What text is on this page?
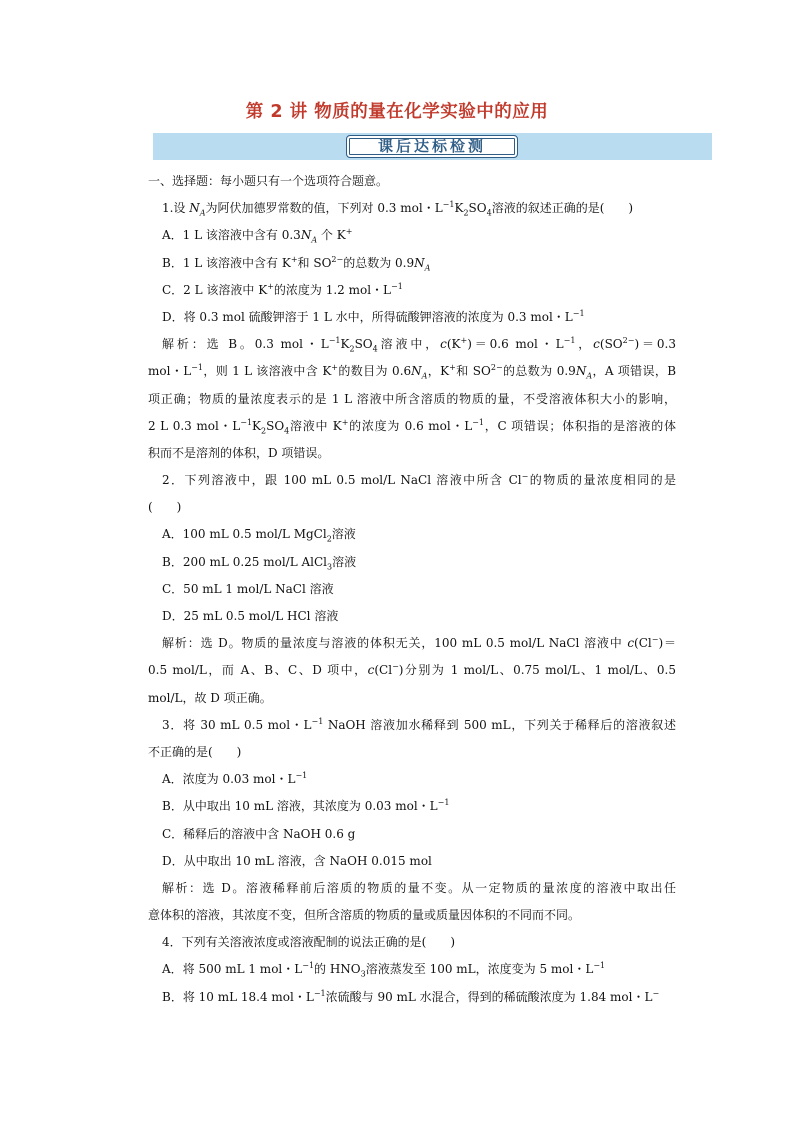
第 2 讲 物质的量在化学实验中的应用
课后达标检测
一、选择题：每小题只有一个选项符合题意。
1.设 $N_A$为阿伏加德罗常数的值，下列对 0.3 mol・$L^{-1}K_2SO_4$溶液的叙述正确的是(　　)
A．1 L 该溶液中含有 $0.3N_A$ 个 K+
B．1 L 该溶液中含有 K+和 $SO^{2-}$的总数为 $0.9N_A$
C．2 L 该溶液中 K+的浓度为 1.2 mol・$L^{-1}$
D．将 0.3 mol 硫酸钾溶于 1 L 水中，所得硫酸钾溶液的浓度为 0.3 mol・$L^{-1}$
解析：选 B。0.3 mol・$L^{-1}K_2SO_4$溶液中，c(K+)＝0.6 mol・$L^{-1}$，$c(SO^{2-})=0.3$
mol・$L^{-1}$，则 1 L 该溶液中含 K+的数目为 $0.6N_A$，K+和 $SO^{2-}$的总数为 $0.9N_A$，A 项错误，B
项正确；物质的量浓度表示的是 1 L 溶液中所含溶质的物质的量，不受溶液体积大小的影响，
2 L 0.3 mol・$L^{-1}K_2SO_4$溶液中 K+的浓度为 0.6 mol・$L^{-1}$，C 项错误；体积指的是溶液的体
积而不是溶剂的体积，D 项错误。
2．下列溶液中，跟 100 mL 0.5 mol/L NaCl 溶液中所含 Cl−的物质的量浓度相同的是
(　　)
A．100 mL 0.5 mol/L MgCl$_2$溶液
B．200 mL 0.25 mol/L AlCl$_3$溶液
C．50 mL 1 mol/L NaCl 溶液
D．25 mL 0.5 mol/L HCl 溶液
解析：选 D。物质的量浓度与溶液的体积无关，100 mL 0.5 mol/L NaCl 溶液中 c(Cl−)＝
0.5 mol/L，而 A、B、C、D 项中，c(Cl−)分别为 1 mol/L、0.75 mol/L、1 mol/L、0.5
mol/L，故 D 项正确。
3．将 30 mL 0.5 mol・$L^{-1}$ NaOH 溶液加水稀释到 500 mL，下列关于稀释后的溶液叙述
不正确的是(　　)
A．浓度为 0.03 mol・$L^{-1}$
B．从中取出 10 mL 溶液，其浓度为 0.03 mol・$L^{-1}$
C．稀释后的溶液中含 NaOH 0.6 g
D．从中取出 10 mL 溶液，含 NaOH 0.015 mol
解析：选 D。溶液稀释前后溶质的物质的量不变。从一定物质的量浓度的溶液中取出任
意体积的溶液，其浓度不变，但所含溶质的物质的量或质量因体积的不同而不同。
4．下列有关溶液浓度或溶液配制的说法正确的是(　　)
A．将 500 mL 1 mol・$L^{-1}$的 $HNO_3$溶液蒸发至 100 mL，浓度变为 5 mol・$L^{-1}$
B．将 10 mL 18.4 mol・$L^{-1}$浓硫酸与 90 mL 水混合，得到的稀硫酸浓度为 1.84 mol・L−
